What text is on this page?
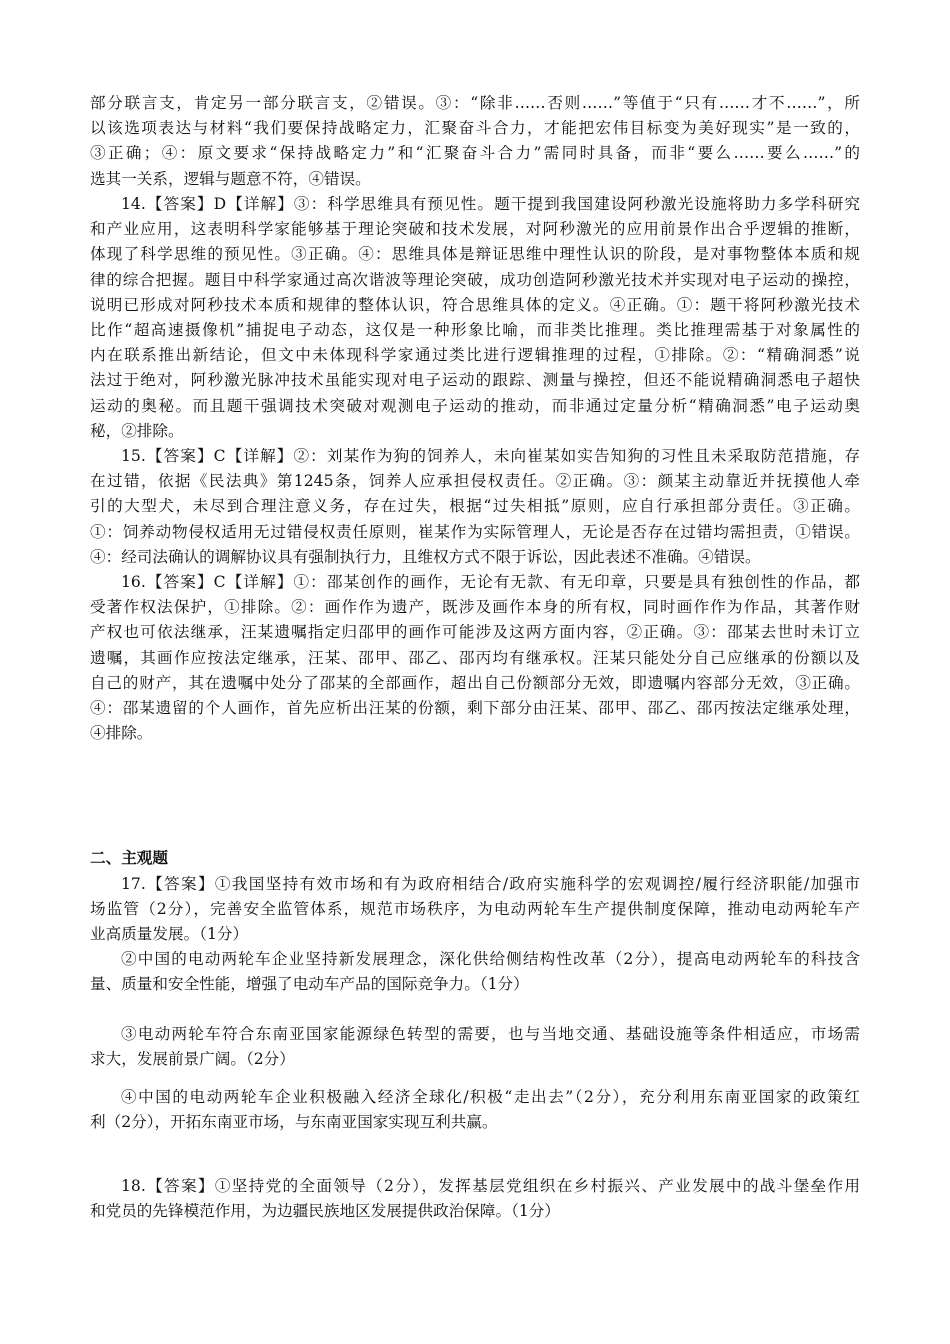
部分联言支，肯定另一部分联言支，②错误。③：“除非……否则……”等值于“只有……才不……”，所
以该选项表达与材料“我们要保持战略定力，汇聚奋斗合力，才能把宏伟目标变为美好现实”是一致的，
③正确；④：原文要求“保持战略定力”和“汇聚奋斗合力”需同时具备，而非“要么……要么……”的
选其一关系，逻辑与题意不符，④错误。
14.【答案】D【详解】③：科学思维具有预见性。题干提到我国建设阿秒激光设施将助力多学科研究
和产业应用，这表明科学家能够基于理论突破和技术发展，对阿秒激光的应用前景作出合乎逻辑的推断，
体现了科学思维的预见性。③正确。④：思维具体是辩证思维中理性认识的阶段，是对事物整体本质和规
律的综合把握。题目中科学家通过高次谐波等理论突破，成功创造阿秒激光技术并实现对电子运动的操控，
说明已形成对阿秒技术本质和规律的整体认识，符合思维具体的定义。④正确。①：题干将阿秒激光技术
比作“超高速摄像机”捕捉电子动态，这仅是一种形象比喻，而非类比推理。类比推理需基于对象属性的
内在联系推出新结论，但文中未体现科学家通过类比进行逻辑推理的过程，①排除。②：“精确洞悉”说
法过于绝对，阿秒激光脉冲技术虽能实现对电子运动的跟踪、测量与操控，但还不能说精确洞悉电子超快
运动的奥秘。而且题干强调技术突破对观测电子运动的推动，而非通过定量分析“精确洞悉”电子运动奥
秘，②排除。
15.【答案】C【详解】②：刘某作为狗的饲养人，未向崔某如实告知狗的习性且未采取防范措施，存
在过错，依据《民法典》第1245条，饲养人应承担侵权责任。②正确。③：颜某主动靠近并抚摸他人牵
引的大型犬，未尽到合理注意义务，存在过失，根据“过失相抵”原则，应自行承担部分责任。③正确。
①：饲养动物侵权适用无过错侵权责任原则，崔某作为实际管理人，无论是否存在过错均需担责，①错误。
④：经司法确认的调解协议具有强制执行力，且维权方式不限于诉讼，因此表述不准确。④错误。
16.【答案】C【详解】①：邵某创作的画作，无论有无款、有无印章，只要是具有独创性的作品，都
受著作权法保护，①排除。②：画作作为遗产，既涉及画作本身的所有权，同时画作作为作品，其著作财
产权也可依法继承，汪某遗嘱指定归邵甲的画作可能涉及这两方面内容，②正确。③：邵某去世时未订立
遗嘱，其画作应按法定继承，汪某、邵甲、邵乙、邵丙均有继承权。汪某只能处分自己应继承的份额以及
自己的财产，其在遗嘱中处分了邵某的全部画作，超出自己份额部分无效，即遗嘱内容部分无效，③正确。
④：邵某遗留的个人画作，首先应析出汪某的份额，剩下部分由汪某、邵甲、邵乙、邵丙按法定继承处理，
④排除。
二、主观题
17.【答案】①我国坚持有效市场和有为政府相结合/政府实施科学的宏观调控/履行经济职能/加强市
场监管（2分），完善安全监管体系，规范市场秩序，为电动两轮车生产提供制度保障，推动电动两轮车产
业高质量发展。（1分）
②中国的电动两轮车企业坚持新发展理念，深化供给侧结构性改革（2分），提高电动两轮车的科技含
量、质量和安全性能，增强了电动车产品的国际竞争力。（1分）
③电动两轮车符合东南亚国家能源绿色转型的需要，也与当地交通、基础设施等条件相适应，市场需
求大，发展前景广阔。（2分）
④中国的电动两轮车企业积极融入经济全球化/积极“走出去”（2分），充分利用东南亚国家的政策红
利（2分），开拓东南亚市场，与东南亚国家实现互利共赢。
18.【答案】①坚持党的全面领导（2分），发挥基层党组织在乡村振兴、产业发展中的战斗堡垒作用
和党员的先锋模范作用，为边疆民族地区发展提供政治保障。（1分）
